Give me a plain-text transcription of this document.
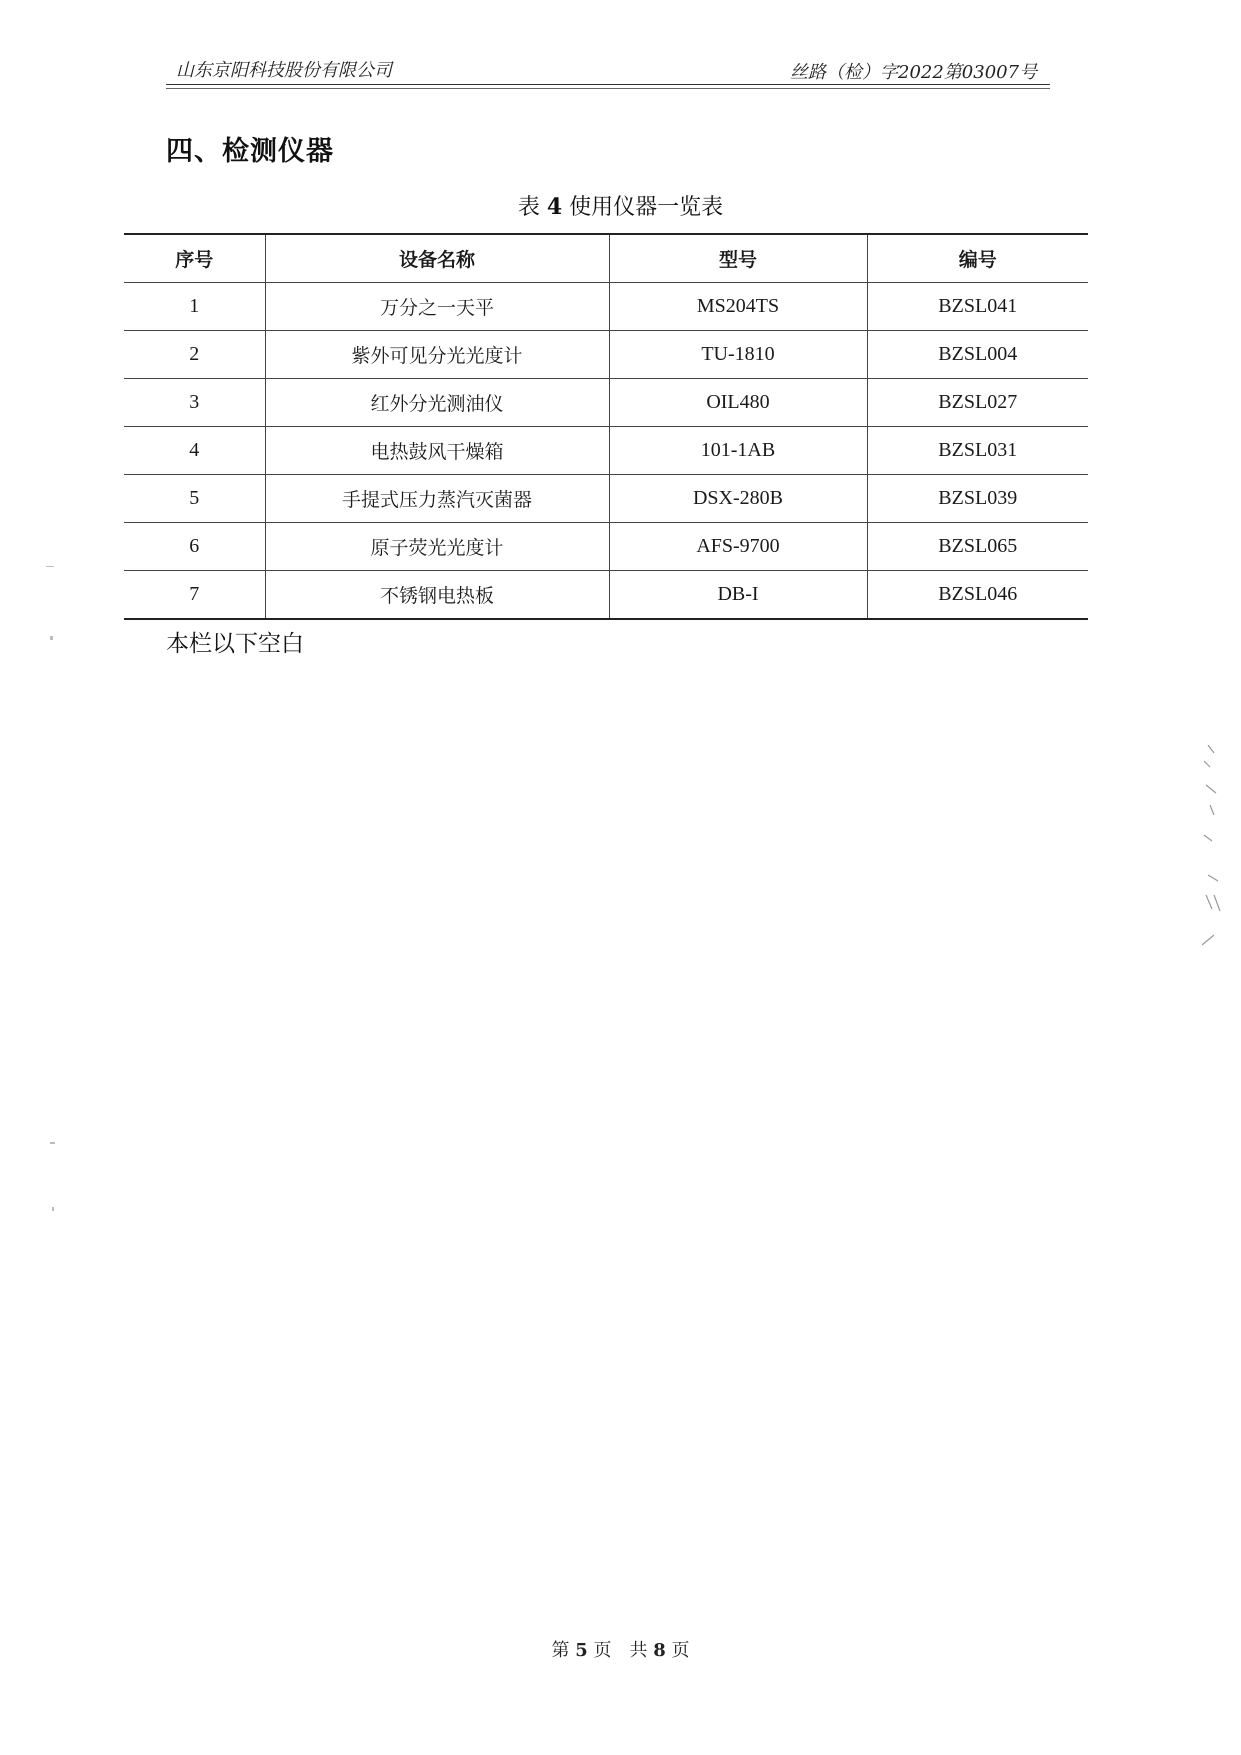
山东京阳科技股份有限公司	丝路（检）字2022第03007号
四、检测仪器
表 4 使用仪器一览表
序号	设备名称	型号	编号
1	万分之一天平	MS204TS	BZSL041
2	紫外可见分光光度计	TU-1810	BZSL004
3	红外分光测油仪	OIL480	BZSL027
4	电热鼓风干燥箱	101-1AB	BZSL031
5	手提式压力蒸汽灭菌器	DSX-280B	BZSL039
6	原子荧光光度计	AFS-9700	BZSL065
7	不锈钢电热板	DB-I	BZSL046
本栏以下空白
第 5 页　共 8 页
